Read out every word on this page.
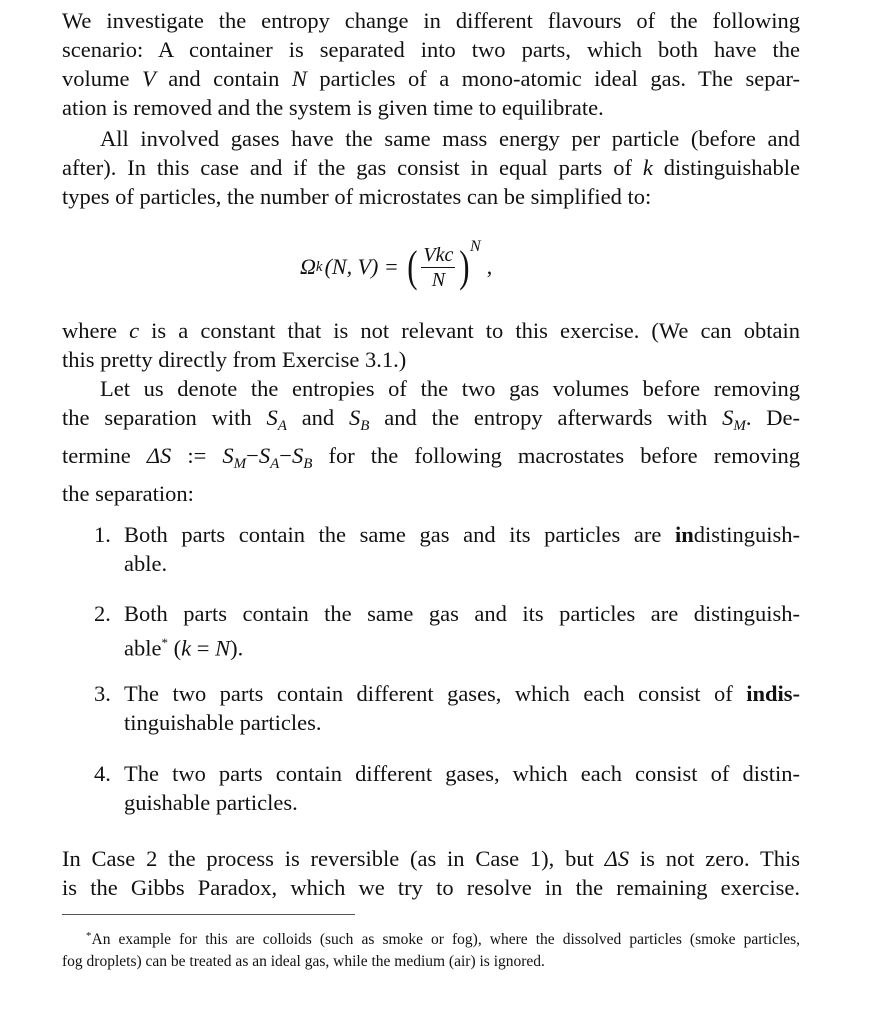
We investigate the entropy change in different flavours of the following
scenario: A container is separated into two parts, which both have the
volume V and contain N particles of a mono-atomic ideal gas. The separ-
ation is removed and the system is given time to equilibrate.

All involved gases have the same mass energy per particle (before and
after). In this case and if the gas consist in equal parts of k distinguishable
types of particles, the number of microstates can be simplified to:

Ω k (N, V) = ( $\frac{\text{Vkc}}{N}$ ) N
,

where c is a constant that is not relevant to this exercise. (We can obtain
this pretty directly from Exercise 3.1.)

Let us denote the entropies of the two gas volumes before removing
the separation with $S_A$ and $S_B$ and the entropy afterwards with $S_M$. De-
termine ΔS := $S_M-S_A-S_B$ for the following macrostates before removing
the separation:

1. Both parts contain the same gas and its particles are indistinguish-
able.
2. Both parts contain the same gas and its particles are distinguish-
able* (k = N).
3. The two parts contain different gases, which each consist of indis-
tinguishable particles.
4. The two parts contain different gases, which each consist of distin-
guishable particles.

In Case 2 the process is reversible (as in Case 1), but ΔS is not zero. This
is the Gibbs Paradox, which we try to resolve in the remaining exercise.

*An example for this are colloids (such as smoke or fog), where the dissolved particles (smoke particles,
fog droplets) can be treated as an ideal gas, while the medium (air) is ignored.
